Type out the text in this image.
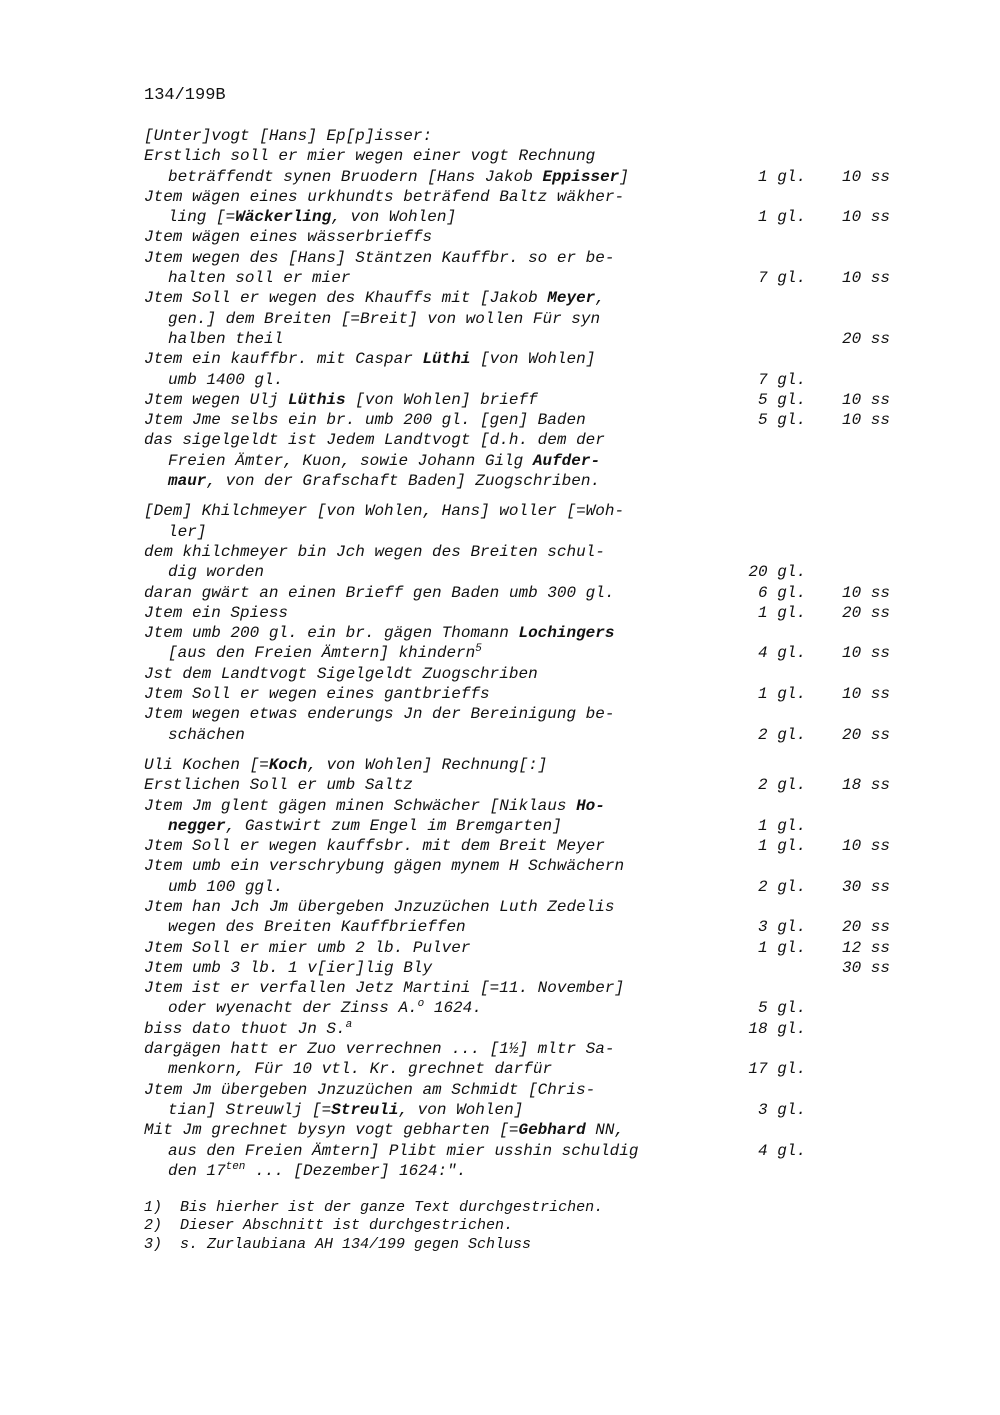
134/199B
[Unter]vogt [Hans] Ep[p]isser:
Erstlich soll er mier wegen einer vogt Rechnung
beträffendt synen Bruodern [Hans Jakob Eppisser]	1 gl. 10 ss
Jtem wägen eines urkhundts beträfend Baltz wäkher-
ling [=Wäckerling, von Wohlen]	1 gl. 10 ss
Jtem wägen eines wässerbrieffs
Jtem wegen des [Hans] Stäntzen Kauffbr. so er be-
halten soll er mier	7 gl. 10 ss
Jtem Soll er wegen des Khauffs mit [Jakob Meyer,
gen.] dem Breiten [=Breit] von wollen Für syn
halben theil	20 ss
Jtem ein kauffbr. mit Caspar Lüthi [von Wohlen]
umb 1400 gl.	7 gl.
Jtem wegen Ulj Lüthis [von Wohlen] brieff	5 gl. 10 ss
Jtem Jme selbs ein br. umb 200 gl. [gen] Baden	5 gl. 10 ss
das sigelgeldt ist Jedem Landtvogt [d.h. dem der
Freien Ämter, Kuon, sowie Johann Gilg Aufder-
maur, von der Grafschaft Baden] Zuogschriben.
[Dem] Khilchmeyer [von Wohlen, Hans] woller [=Woh-
ler]
dem khilchmeyer bin Jch wegen des Breiten schul-
dig worden	20 gl.
daran gwärt an einen Brieff gen Baden umb 300 gl.	6 gl. 10 ss
Jtem ein Spiess	1 gl. 20 ss
Jtem umb 200 gl. ein br. gägen Thomann Lochingers
[aus den Freien Ämtern] khindern$^5$	4 gl. 10 ss
Jst dem Landtvogt Sigelgeldt Zuogschriben
Jtem Soll er wegen eines gantbrieffs	1 gl. 10 ss
Jtem wegen etwas enderungs Jn der Bereinigung be-
schächen	2 gl. 20 ss
Uli Kochen [=Koch, von Wohlen] Rechnung[:]
Erstlichen Soll er umb Saltz	2 gl. 18 ss
Jtem Jm glent gägen minen Schwächer [Niklaus Ho-
negger, Gastwirt zum Engel im Bremgarten]	1 gl.
Jtem Soll er wegen kauffsbr. mit dem Breit Meyer	1 gl. 10 ss
Jtem umb ein verschrybung gägen mynem H Schwächern
umb 100 ggl.	2 gl. 30 ss
Jtem han Jch Jm übergeben Jnzuzüchen Luth Zedelis
wegen des Breiten Kauffbrieffen	3 gl. 20 ss
Jtem Soll er mier umb 2 lb. Pulver	1 gl. 12 ss
Jtem umb 3 lb. 1 v[ier]lig Bly	30 ss
Jtem ist er verfallen Jetz Martini [=11. November]
oder wyenacht der Zinss A.$^o$ 1624.	5 gl.
biss dato thuot Jn S.$^a$	18 gl.
dargägen hatt er Zuo verrechnen ... [1½] mltr Sa-
menkorn, Für 10 vtl. Kr. grechnet darfür	17 gl.
Jtem Jm übergeben Jnzuzüchen am Schmidt [Chris-
tian] Streuwlj [=Streuli, von Wohlen]	3 gl.
Mit Jm grechnet bysyn vogt gebharten [=Gebhard NN,
aus den Freien Ämtern] Plibt mier usshin schuldig	4 gl.
den $17^{ten}$ ... [Dezember] 1624:".
1)  Bis hierher ist der ganze Text durchgestrichen.
2)  Dieser Abschnitt ist durchgestrichen.
3)  s. Zurlaubiana AH 134/199 gegen Schluss
